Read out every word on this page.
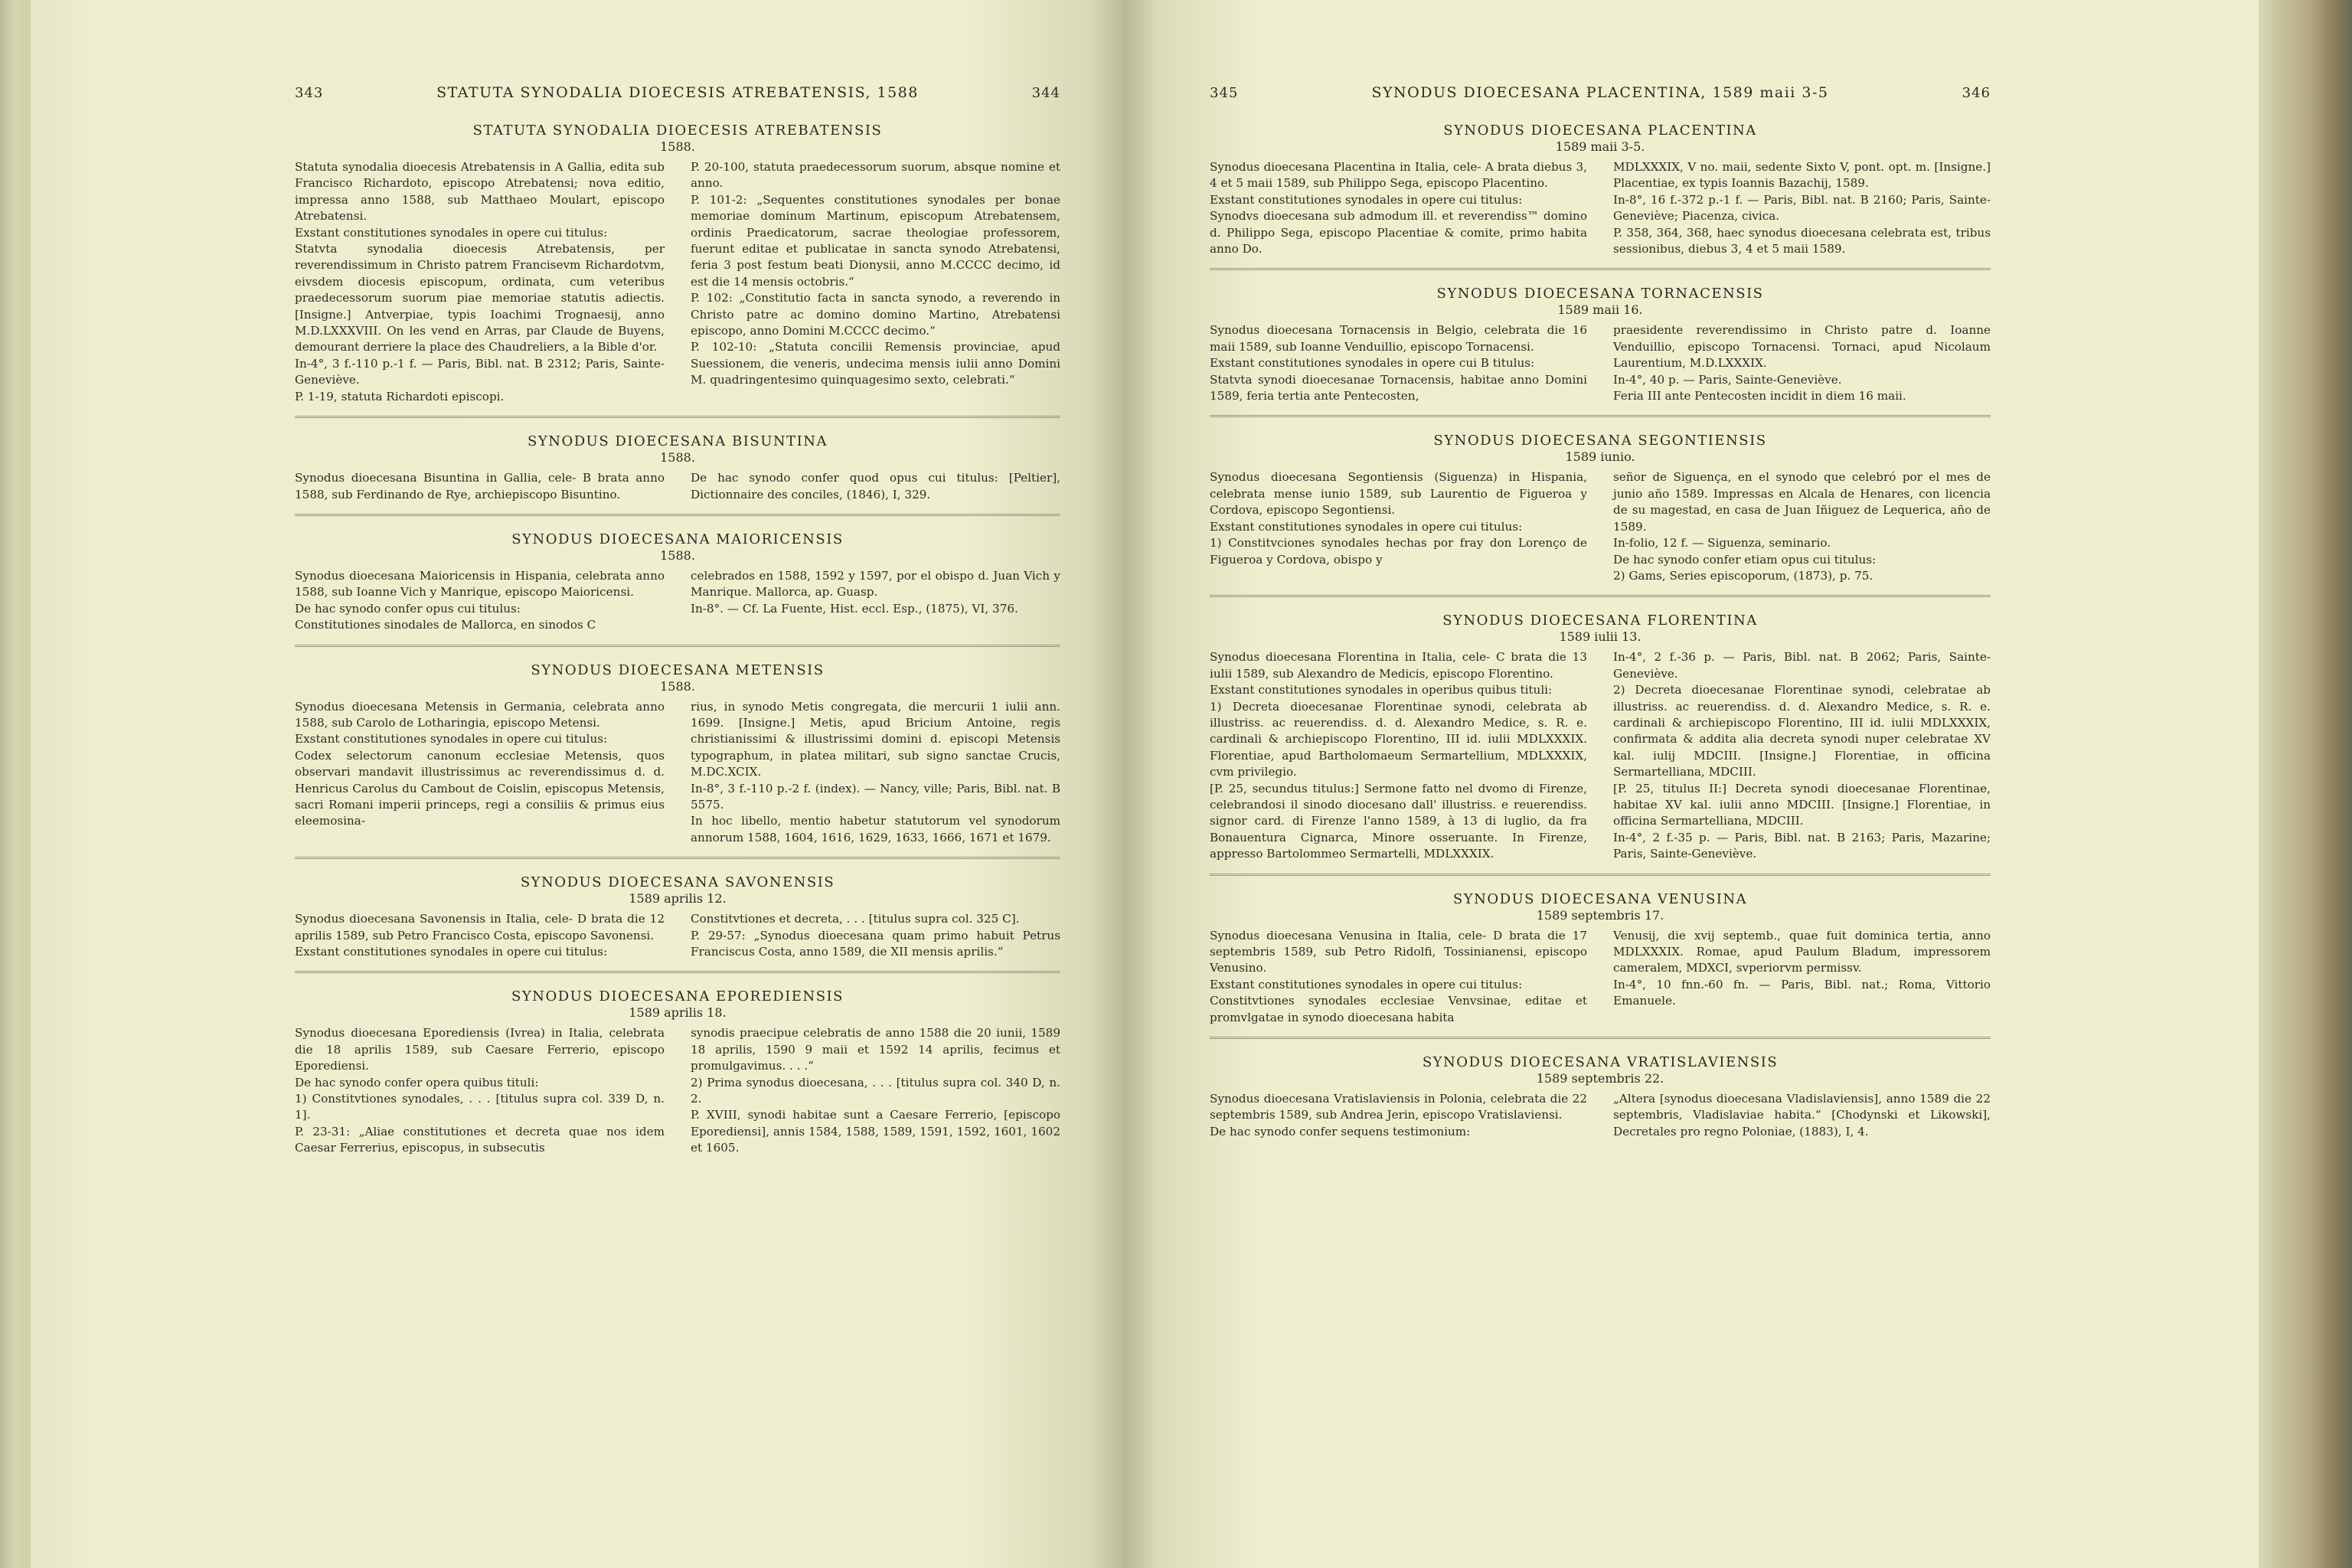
343	STATUTA SYNODALIA DIOECESIS ATREBATENSIS, 1588	344
STATUTA SYNODALIA DIOECESIS ATREBATENSIS
1588.

Statuta synodalia dioecesis Atrebatensis in A Gallia, edita sub Francisco Richardoto, episcopo Atrebatensi; nova editio, impressa anno 1588, sub Matthaeo Moulart, episcopo Atrebatensi.

Exstant constitutiones synodales in opere cui titulus:

Statvta synodalia dioecesis Atrebatensis, per reverendissimum in Christo patrem Francisevm Richardotvm, eivsdem diocesis episcopum, ordinata, cum veteribus praedecessorum suorum piae memoriae statutis adiectis. [Insigne.] Antverpiae, typis Ioachimi Trognaesij, anno M.D.LXXXVIII. On les vend en Arras, par Claude de Buyens, demourant derriere la place des Chaudreliers, a la Bible d'or.

In-4°, 3 f.-110 p.-1 f. — Paris, Bibl. nat. B 2312; Paris, Sainte-Geneviève.

P. 1-19, statuta Richardoti episcopi.

P. 20-100, statuta praedecessorum suorum, absque nomine et anno.

P. 101-2: „Sequentes constitutiones synodales per bonae memoriae dominum Martinum, episcopum Atrebatensem, ordinis Praedicatorum, sacrae theologiae professorem, fuerunt editae et publicatae in sancta synodo Atrebatensi, feria 3 post festum beati Dionysii, anno M.CCCC decimo, id est die 14 mensis octobris.“

P. 102: „Constitutio facta in sancta synodo, a reverendo in Christo patre ac domino domino Martino, Atrebatensi episcopo, anno Domini M.CCCC decimo.“

P. 102-10: „Statuta concilii Remensis provinciae, apud Suessionem, die veneris, undecima mensis iulii anno Domini M. quadringentesimo quinquagesimo sexto, celebrati.“

SYNODUS DIOECESANA BISUNTINA
1588.

Synodus dioecesana Bisuntina in Gallia, cele- B brata anno 1588, sub Ferdinando de Rye, archiepiscopo Bisuntino.

De hac synodo confer quod opus cui titulus: [Peltier], Dictionnaire des conciles, (1846), I, 329.

SYNODUS DIOECESANA MAIORICENSIS
1588.

Synodus dioecesana Maioricensis in Hispania, celebrata anno 1588, sub Ioanne Vich y Manrique, episcopo Maioricensi.

De hac synodo confer opus cui titulus:

Constitutiones sinodales de Mallorca, en sinodos C

celebrados en 1588, 1592 y 1597, por el obispo d. Juan Vich y Manrique. Mallorca, ap. Guasp.

In-8°. — Cf. La Fuente, Hist. eccl. Esp., (1875), VI, 376.

SYNODUS DIOECESANA METENSIS
1588.

Synodus dioecesana Metensis in Germania, celebrata anno 1588, sub Carolo de Lotharingia, episcopo Metensi.

Exstant constitutiones synodales in opere cui titulus:

Codex selectorum canonum ecclesiae Metensis, quos observari mandavit illustrissimus ac reverendissimus d. d. Henricus Carolus du Cambout de Coislin, episcopus Metensis, sacri Romani imperii princeps, regi a consiliis & primus eius eleemosina-

rius, in synodo Metis congregata, die mercurii 1 iulii ann. 1699. [Insigne.] Metis, apud Bricium Antoine, regis christianissimi & illustrissimi domini d. episcopi Metensis typographum, in platea militari, sub signo sanctae Crucis, M.DC.XCIX.

In-8°, 3 f.-110 p.-2 f. (index). — Nancy, ville; Paris, Bibl. nat. B 5575.

In hoc libello, mentio habetur statutorum vel synodorum annorum 1588, 1604, 1616, 1629, 1633, 1666, 1671 et 1679.

SYNODUS DIOECESANA SAVONENSIS
1589 aprilis 12.

Synodus dioecesana Savonensis in Italia, cele- D brata die 12 aprilis 1589, sub Petro Francisco Costa, episcopo Savonensi.

Exstant constitutiones synodales in opere cui titulus:

Constitvtiones et decreta, . . . [titulus supra col. 325 C].

P. 29-57: „Synodus dioecesana quam primo habuit Petrus Franciscus Costa, anno 1589, die XII mensis aprilis.“

SYNODUS DIOECESANA EPOREDIENSIS
1589 aprilis 18.

Synodus dioecesana Eporediensis (Ivrea) in Italia, celebrata die 18 aprilis 1589, sub Caesare Ferrerio, episcopo Eporediensi.

De hac synodo confer opera quibus tituli:

1) Constitvtiones synodales, . . . [titulus supra col. 339 D, n. 1].

P. 23-31: „Aliae constitutiones et decreta quae nos idem Caesar Ferrerius, episcopus, in subsecutis

synodis praecipue celebratis de anno 1588 die 20 iunii, 1589 18 aprilis, 1590 9 maii et 1592 14 aprilis, fecimus et promulgavimus. . . .“

2) Prima synodus dioecesana, . . . [titulus supra col. 340 D, n. 2.

P. XVIII, synodi habitae sunt a Caesare Ferrerio, [episcopo Eporediensi], annis 1584, 1588, 1589, 1591, 1592, 1601, 1602 et 1605.

345	SYNODUS DIOECESANA PLACENTINA, 1589 maii 3-5	346
SYNODUS DIOECESANA PLACENTINA
1589 maii 3-5.

Synodus dioecesana Placentina in Italia, cele- A brata diebus 3, 4 et 5 maii 1589, sub Philippo Sega, episcopo Placentino.

Exstant constitutiones synodales in opere cui titulus:

Synodvs dioecesana sub admodum ill. et reverendiss™ domino d. Philippo Sega, episcopo Placentiae & comite, primo habita anno Do.

MDLXXXIX, V no. maii, sedente Sixto V, pont. opt. m. [Insigne.] Placentiae, ex typis Ioannis Bazachij, 1589.

In-8°, 16 f.-372 p.-1 f. — Paris, Bibl. nat. B 2160; Paris, Sainte-Geneviève; Piacenza, civica.

P. 358, 364, 368, haec synodus dioecesana celebrata est, tribus sessionibus, diebus 3, 4 et 5 maii 1589.

SYNODUS DIOECESANA TORNACENSIS
1589 maii 16.

Synodus dioecesana Tornacensis in Belgio, celebrata die 16 maii 1589, sub Ioanne Venduillio, episcopo Tornacensi.

Exstant constitutiones synodales in opere cui B titulus:

Statvta synodi dioecesanae Tornacensis, habitae anno Domini 1589, feria tertia ante Pentecosten,

praesidente reverendissimo in Christo patre d. Ioanne Venduillio, episcopo Tornacensi. Tornaci, apud Nicolaum Laurentium, M.D.LXXXIX.

In-4°, 40 p. — Paris, Sainte-Geneviève.

Feria III ante Pentecosten incidit in diem 16 maii.

SYNODUS DIOECESANA SEGONTIENSIS
1589 iunio.

Synodus dioecesana Segontiensis (Siguenza) in Hispania, celebrata mense iunio 1589, sub Laurentio de Figueroa y Cordova, episcopo Segontiensi.

Exstant constitutiones synodales in opere cui titulus:

1) Constitvciones synodales hechas por fray don Lorenço de Figueroa y Cordova, obispo y

señor de Siguença, en el synodo que celebró por el mes de junio año 1589. Impressas en Alcala de Henares, con licencia de su magestad, en casa de Juan Iñiguez de Lequerica, año de 1589.

In-folio, 12 f. — Siguenza, seminario.

De hac synodo confer etiam opus cui titulus:

2) Gams, Series episcoporum, (1873), p. 75.

SYNODUS DIOECESANA FLORENTINA
1589 iulii 13.

Synodus dioecesana Florentina in Italia, cele- C brata die 13 iulii 1589, sub Alexandro de Medicis, episcopo Florentino.

Exstant constitutiones synodales in operibus quibus tituli:

1) Decreta dioecesanae Florentinae synodi, celebrata ab illustriss. ac reuerendiss. d. d. Alexandro Medice, s. R. e. cardinali & archiepiscopo Florentino, III id. iulii MDLXXXIX. Florentiae, apud Bartholomaeum Sermartellium, MDLXXXIX, cvm privilegio.

[P. 25, secundus titulus:] Sermone fatto nel dvomo di Firenze, celebrandosi il sinodo diocesano dall' illustriss. e reuerendiss. signor card. di Firenze l'anno 1589, à 13 di luglio, da fra Bonauentura Cignarca, Minore osseruante. In Firenze, appresso Bartolommeo Sermartelli, MDLXXXIX.

In-4°, 2 f.-36 p. — Paris, Bibl. nat. B 2062; Paris, Sainte-Geneviève.

2) Decreta dioecesanae Florentinae synodi, celebratae ab illustriss. ac reuerendiss. d. d. Alexandro Medice, s. R. e. cardinali & archiepiscopo Florentino, III id. iulii MDLXXXIX, confirmata & addita alia decreta synodi nuper celebratae XV kal. iulij MDCIII. [Insigne.] Florentiae, in officina Sermartelliana, MDCIII.

[P. 25, titulus II:] Decreta synodi dioecesanae Florentinae, habitae XV kal. iulii anno MDCIII. [Insigne.] Florentiae, in officina Sermartelliana, MDCIII.

In-4°, 2 f.-35 p. — Paris, Bibl. nat. B 2163; Paris, Mazarine; Paris, Sainte-Geneviève.

SYNODUS DIOECESANA VENUSINA
1589 septembris 17.

Synodus dioecesana Venusina in Italia, cele- D brata die 17 septembris 1589, sub Petro Ridolfi, Tossinianensi, episcopo Venusino.

Exstant constitutiones synodales in opere cui titulus:

Constitvtiones synodales ecclesiae Venvsinae, editae et promvlgatae in synodo dioecesana habita

Venusij, die xvij septemb., quae fuit dominica tertia, anno MDLXXXIX. Romae, apud Paulum Bladum, impressorem cameralem, MDXCI, svperiorvm permissv.

In-4°, 10 fnn.-60 fn. — Paris, Bibl. nat.; Roma, Vittorio Emanuele.

SYNODUS DIOECESANA VRATISLAVIENSIS
1589 septembris 22.

Synodus dioecesana Vratislaviensis in Polonia, celebrata die 22 septembris 1589, sub Andrea Jerin, episcopo Vratislaviensi.

De hac synodo confer sequens testimonium:

„Altera [synodus dioecesana Vladislaviensis], anno 1589 die 22 septembris, Vladislaviae habita.“ [Chodynski et Likowski], Decretales pro regno Poloniae, (1883), I, 4.
